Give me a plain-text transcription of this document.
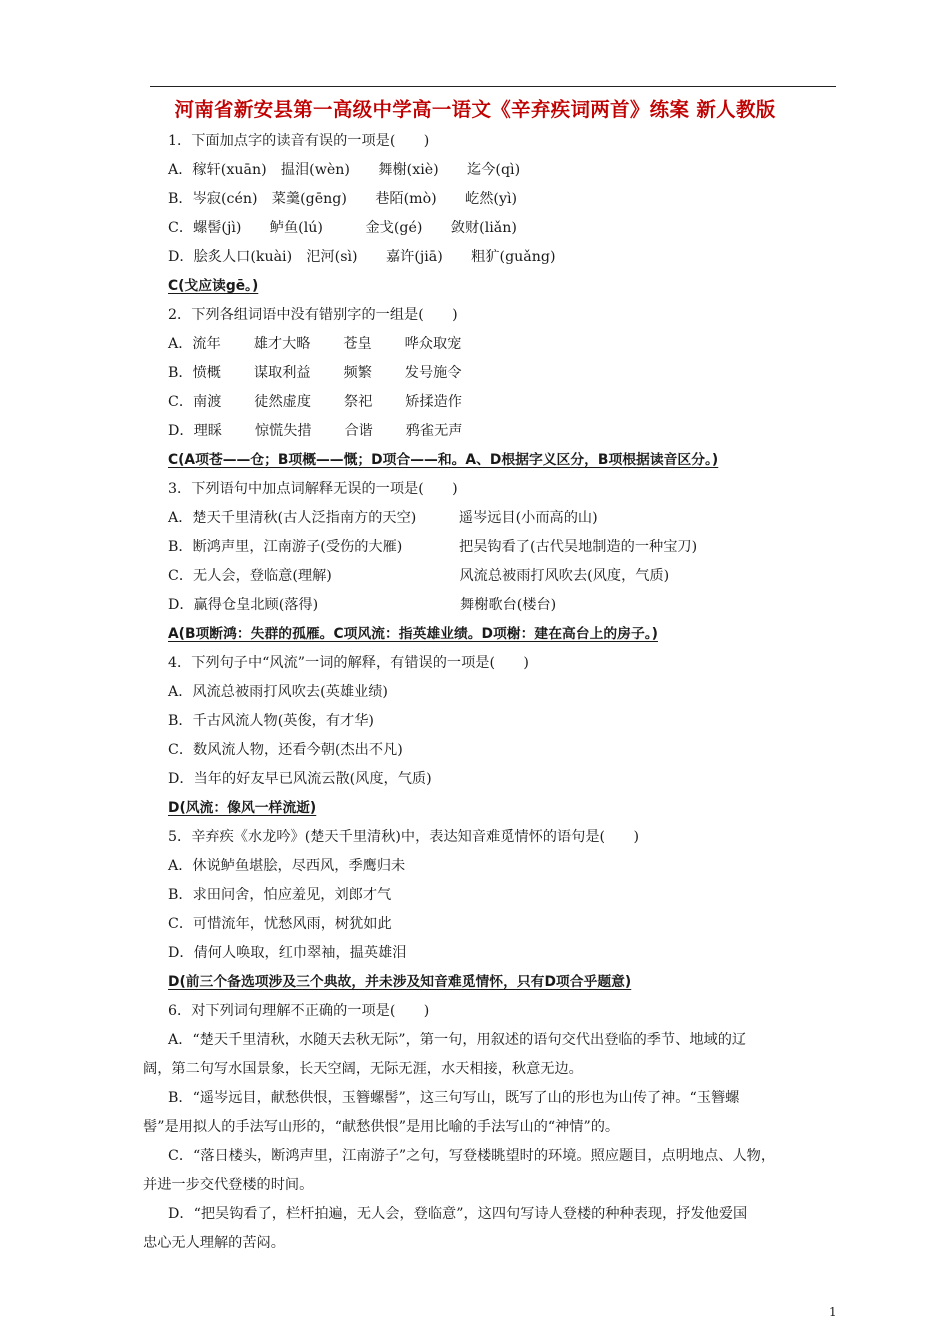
河南省新安县第一高级中学高一语文《辛弃疾词两首》练案 新人教版
1．下面加点字的读音有误的一项是(　　)
A．稼轩(xuān)　揾泪(wèn)　　舞榭(xiè)　　迄今(qì)
B．岑寂(cén)　菜羹(gēng)　　巷陌(mò)　　屹然(yì)
C．螺髻(jì)　　鲈鱼(lú)　　　金戈(gé)　　敛财(liǎn)
D．脍炙人口(kuài)　汜河(sì)　　嘉许(jiā)　　粗犷(guǎng)
C(戈应读gē。)
2．下列各组词语中没有错别字的一组是(　　)
A．流年　　 雄才大略　　 苍皇　　 哗众取宠
B．愤概　　 谋取利益　　 频繁　　 发号施令
C．南渡　　 徒然虚度　　 祭祀　　 矫揉造作
D．理睬　　 惊慌失措　　 合谐　　 鸦雀无声
C(A项苍——仓；B项概——慨；D项合——和。A、D根据字义区分，B项根据读音区分。)
3．下列语句中加点词解释无误的一项是(　　)
A．楚天千里清秋(古人泛指南方的天空)　　　遥岑远目(小而高的山)
B．断鸿声里，江南游子(受伤的大雁)　　　　把吴钩看了(古代吴地制造的一种宝刀)
C．无人会，登临意(理解)　　　　　　　　　风流总被雨打风吹去(风度，气质)
D．赢得仓皇北顾(落得)　　　　　　　　　　舞榭歌台(楼台)
A(B项断鸿：失群的孤雁。C项风流：指英雄业绩。D项榭：建在高台上的房子。)
4．下列句子中“风流”一词的解释，有错误的一项是(　　)
A．风流总被雨打风吹去(英雄业绩)
B．千古风流人物(英俊，有才华)
C．数风流人物，还看今朝(杰出不凡)
D．当年的好友早已风流云散(风度，气质)
D(风流：像风一样流逝)
5．辛弃疾《水龙吟》(楚天千里清秋)中，表达知音难觅情怀的语句是(　　)
A．休说鲈鱼堪脍，尽西风，季鹰归未
B．求田问舍，怕应羞见，刘郎才气
C．可惜流年，忧愁风雨，树犹如此
D．倩何人唤取，红巾翠袖，揾英雄泪
D(前三个备选项涉及三个典故，并未涉及知音难觅情怀，只有D项合乎题意)
6．对下列词句理解不正确的一项是(　　)
A．“楚天千里清秋，水随天去秋无际”，第一句，用叙述的语句交代出登临的季节、地域的辽
阔，第二句写水国景象，长天空阔，无际无涯，水天相接，秋意无边。
B．“遥岑远目，献愁供恨，玉簪螺髻”，这三句写山，既写了山的形也为山传了神。“玉簪螺
髻”是用拟人的手法写山形的，“献愁供恨”是用比喻的手法写山的“神情”的。
C．“落日楼头，断鸿声里，江南游子”之句，写登楼眺望时的环境。照应题目，点明地点、人物，
并进一步交代登楼的时间。
D．“把吴钩看了，栏杆拍遍，无人会，登临意”，这四句写诗人登楼的种种表现，抒发他爱国
忠心无人理解的苦闷。
1
